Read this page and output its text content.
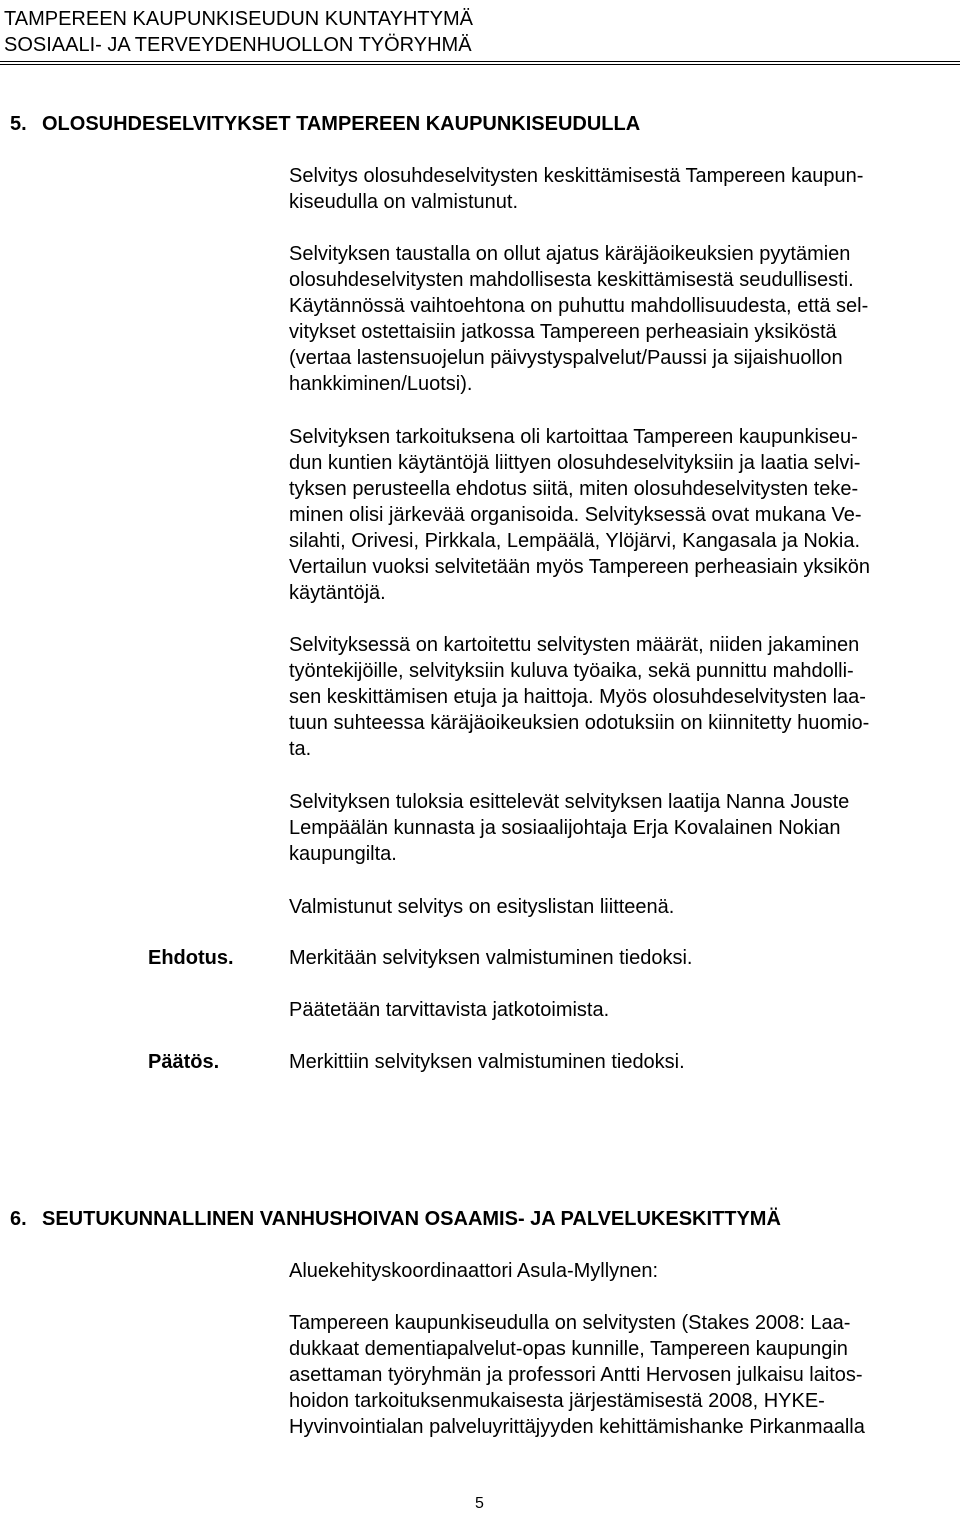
TAMPEREEN KAUPUNKISEUDUN KUNTAYHTYMÄ
SOSIAALI- JA TERVEYDENHUOLLON TYÖRYHMÄ
5. OLOSUHDESELVITYKSET TAMPEREEN KAUPUNKISEUDULLA
Selvitys olosuhdeselvitysten keskittämisestä Tampereen kaupun-
kiseudulla on valmistunut.
Selvityksen taustalla on ollut ajatus käräjäoikeuksien pyytämien
olosuhdeselvitysten mahdollisesta keskittämisestä seudullisesti.
Käytännössä vaihtoehtona on puhuttu mahdollisuudesta, että sel-
vitykset ostettaisiin jatkossa Tampereen perheasiain yksiköstä
(vertaa lastensuojelun päivystyspalvelut/Paussi ja sijaishuollon
hankkiminen/Luotsi).
Selvityksen tarkoituksena oli kartoittaa Tampereen kaupunkiseu-
dun kuntien käytäntöjä liittyen olosuhdeselvityksiin ja laatia selvi-
tyksen perusteella ehdotus siitä, miten olosuhdeselvitysten teke-
minen olisi järkevää organisoida. Selvityksessä ovat mukana Ve-
silahti, Orivesi, Pirkkala, Lempäälä, Ylöjärvi, Kangasala ja Nokia.
Vertailun vuoksi selvitetään myös Tampereen perheasiain yksikön
käytäntöjä.
Selvityksessä on kartoitettu selvitysten määrät, niiden jakaminen
työntekijöille, selvityksiin kuluva työaika, sekä punnittu mahdolli-
sen keskittämisen etuja ja haittoja. Myös olosuhdeselvitysten laa-
tuun suhteessa käräjäoikeuksien odotuksiin on kiinnitetty huomio-
ta.
Selvityksen tuloksia esittelevät selvityksen laatija Nanna Jouste
Lempäälän kunnasta ja sosiaalijohtaja Erja Kovalainen Nokian
kaupungilta.
Valmistunut selvitys on esityslistan liitteenä.
Ehdotus.	Merkitään selvityksen valmistuminen tiedoksi.
Päätetään tarvittavista jatkotoimista.
Päätös.	Merkittiin selvityksen valmistuminen tiedoksi.
6. SEUTUKUNNALLINEN VANHUSHOIVAN OSAAMIS- JA PALVELUKESKITTYMÄ
Aluekehityskoordinaattori Asula-Myllynen:
Tampereen kaupunkiseudulla on selvitysten (Stakes 2008: Laa-
dukkaat dementiapalvelut-opas kunnille, Tampereen kaupungin
asettaman työryhmän ja professori Antti Hervosen julkaisu laitos-
hoidon tarkoituksenmukaisesta järjestämisestä 2008, HYKE-
Hyvinvointialan palveluyrittäjyyden kehittämishanke Pirkanmaalla
5
